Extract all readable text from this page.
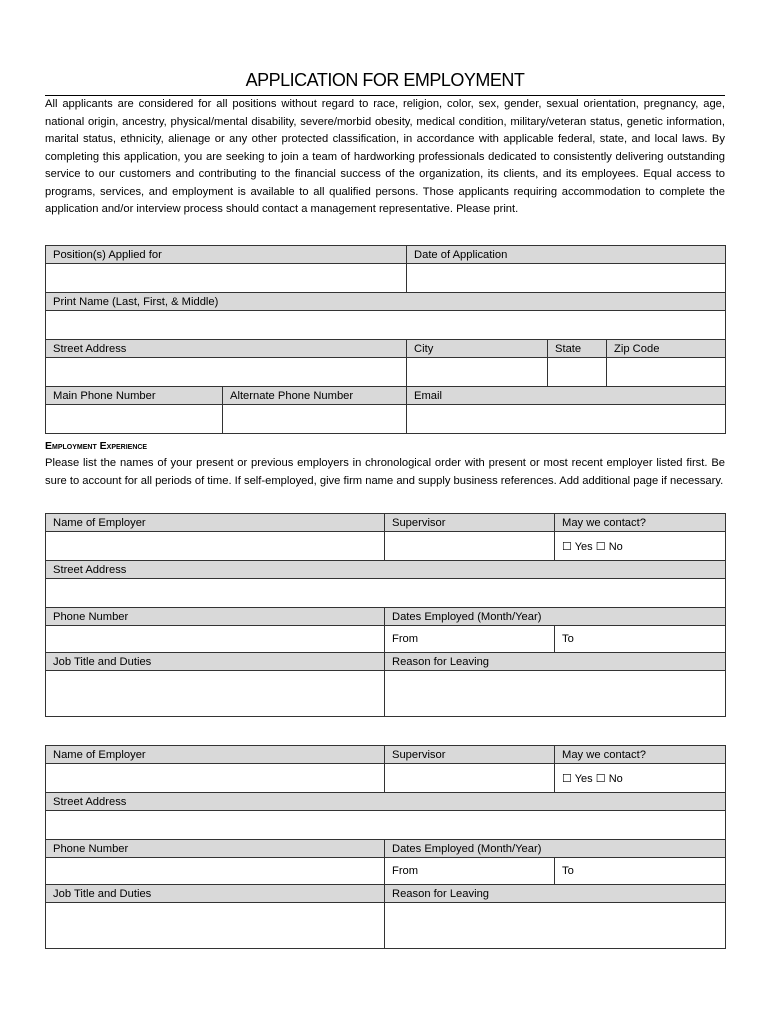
APPLICATION FOR EMPLOYMENT

All applicants are considered for all positions without regard to race, religion, color, sex, gender, sexual orientation, pregnancy, age, national origin, ancestry, physical/mental disability, severe/morbid obesity, medical condition, military/veteran status, genetic information, marital status, ethnicity, alienage or any other protected classification, in accordance with applicable federal, state, and local laws. By completing this application, you are seeking to join a team of hardworking professionals dedicated to consistently delivering outstanding service to our customers and contributing to the financial success of the organization, its clients, and its employees. Equal access to programs, services, and employment is available to all qualified persons. Those applicants requiring accommodation to complete the application and/or interview process should contact a management representative. Please print.

Position(s) Applied for		Date of Application		

Print Name (Last, First, & Middle)				

Street Address		City	State	Zip Code

Main Phone Number	Alternate Phone Number	Email		

Employment Experience

Please list the names of your present or previous employers in chronological order with present or most recent employer listed first. Be sure to account for all periods of time. If self-employed, give firm name and supply business references. Add additional page if necessary.

Name of Employer	Supervisor	May we contact?
		☐ Yes ☐ No
Street Address		

Phone Number	Dates Employed (Month/Year)	
	From	To
Job Title and Duties	Reason for Leaving	

Name of Employer	Supervisor	May we contact?
		☐ Yes ☐ No
Street Address		

Phone Number	Dates Employed (Month/Year)	
	From	To
Job Title and Duties	Reason for Leaving	
